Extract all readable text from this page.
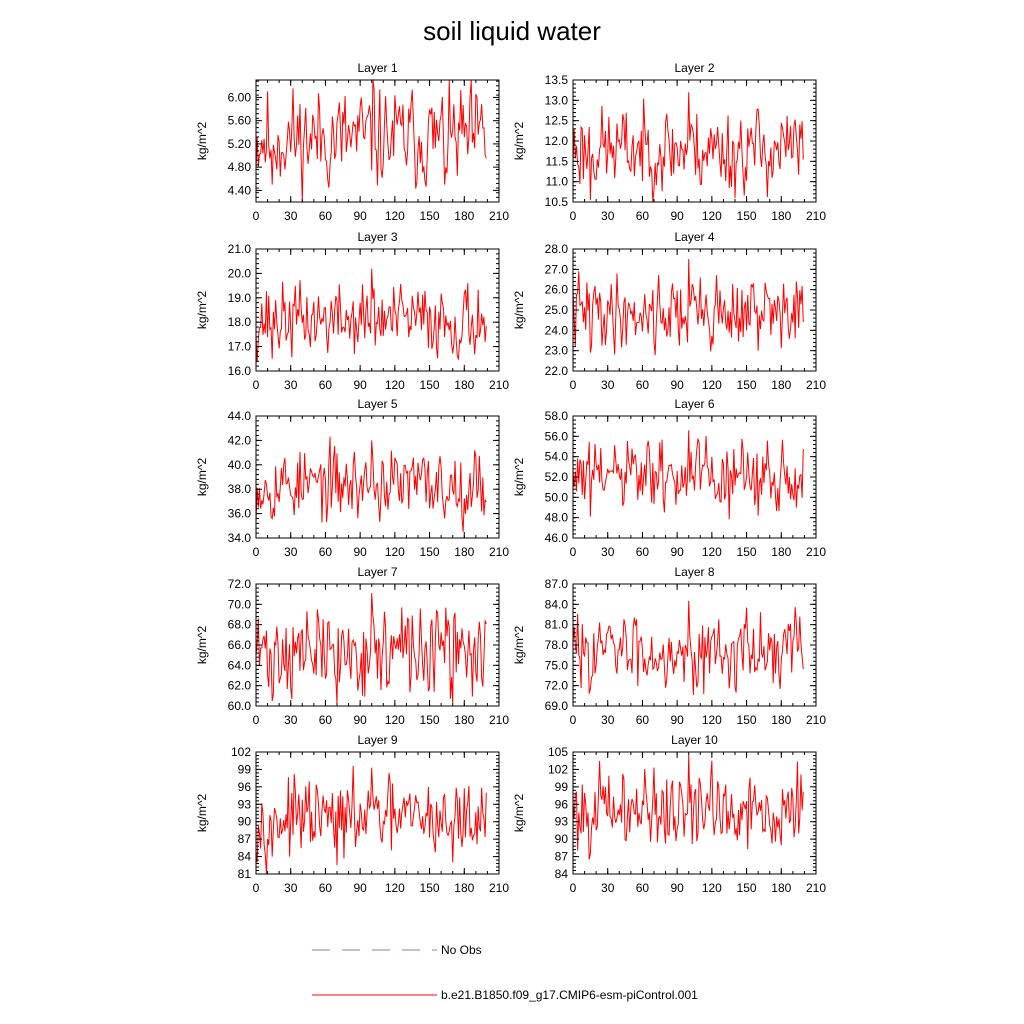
soil liquid water
Layer 1
kg/m^2
0 30 60 90 120 150 180 210
4.40
4.80
5.20
5.60
6.00
Layer 2
kg/m^2
0 30 60 90 120 150 180 210
10.5
11.0
11.5
12.0
12.5
13.0
13.5
Layer 3
kg/m^2
0 30 60 90 120 150 180 210
16.0
17.0
18.0
19.0
20.0
21.0
Layer 4
kg/m^2
0 30 60 90 120 150 180 210
22.0
23.0
24.0
25.0
26.0
27.0
28.0
Layer 5
kg/m^2
0 30 60 90 120 150 180 210
34.0
36.0
38.0
40.0
42.0
44.0
Layer 6
kg/m^2
0 30 60 90 120 150 180 210
46.0
48.0
50.0
52.0
54.0
56.0
58.0
Layer 7
kg/m^2
0 30 60 90 120 150 180 210
60.0
62.0
64.0
66.0
68.0
70.0
72.0
Layer 8
kg/m^2
0 30 60 90 120 150 180 210
69.0
72.0
75.0
78.0
81.0
84.0
87.0
Layer 9
kg/m^2
0 30 60 90 120 150 180 210
81
84
87
90
93
96
99
102
Layer 10
kg/m^2
0 30 60 90 120 150 180 210
84
87
90
93
96
99
102
105
No Obs
b.e21.B1850.f09_g17.CMIP6-esm-piControl.001
